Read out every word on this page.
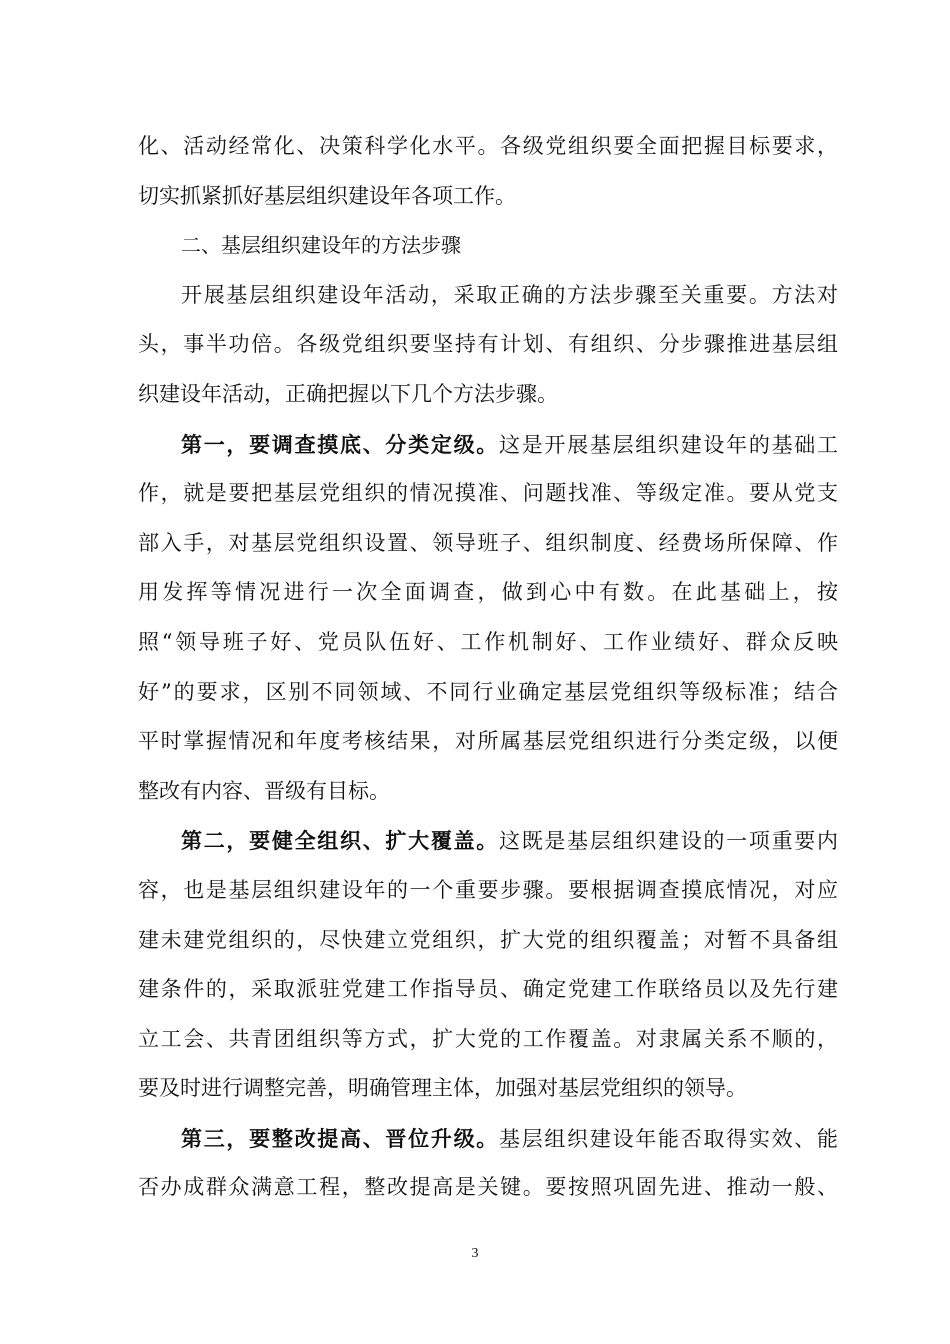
化、活动经常化、决策科学化水平。各级党组织要全面把握目标要求，
切实抓紧抓好基层组织建设年各项工作。
二、基层组织建设年的方法步骤
开展基层组织建设年活动，采取正确的方法步骤至关重要。方法对
头，事半功倍。各级党组织要坚持有计划、有组织、分步骤推进基层组
织建设年活动，正确把握以下几个方法步骤。
第一，要调查摸底、分类定级。这是开展基层组织建设年的基础工
作，就是要把基层党组织的情况摸准、问题找准、等级定准。要从党支
部入手，对基层党组织设置、领导班子、组织制度、经费场所保障、作
用发挥等情况进行一次全面调查，做到心中有数。在此基础上，按
照“领导班子好、党员队伍好、工作机制好、工作业绩好、群众反映
好”的要求，区别不同领域、不同行业确定基层党组织等级标准；结合
平时掌握情况和年度考核结果，对所属基层党组织进行分类定级，以便
整改有内容、晋级有目标。
第二，要健全组织、扩大覆盖。这既是基层组织建设的一项重要内
容，也是基层组织建设年的一个重要步骤。要根据调查摸底情况，对应
建未建党组织的，尽快建立党组织，扩大党的组织覆盖；对暂不具备组
建条件的，采取派驻党建工作指导员、确定党建工作联络员以及先行建
立工会、共青团组织等方式，扩大党的工作覆盖。对隶属关系不顺的，
要及时进行调整完善，明确管理主体，加强对基层党组织的领导。
第三，要整改提高、晋位升级。基层组织建设年能否取得实效、能
否办成群众满意工程，整改提高是关键。要按照巩固先进、推动一般、
3
